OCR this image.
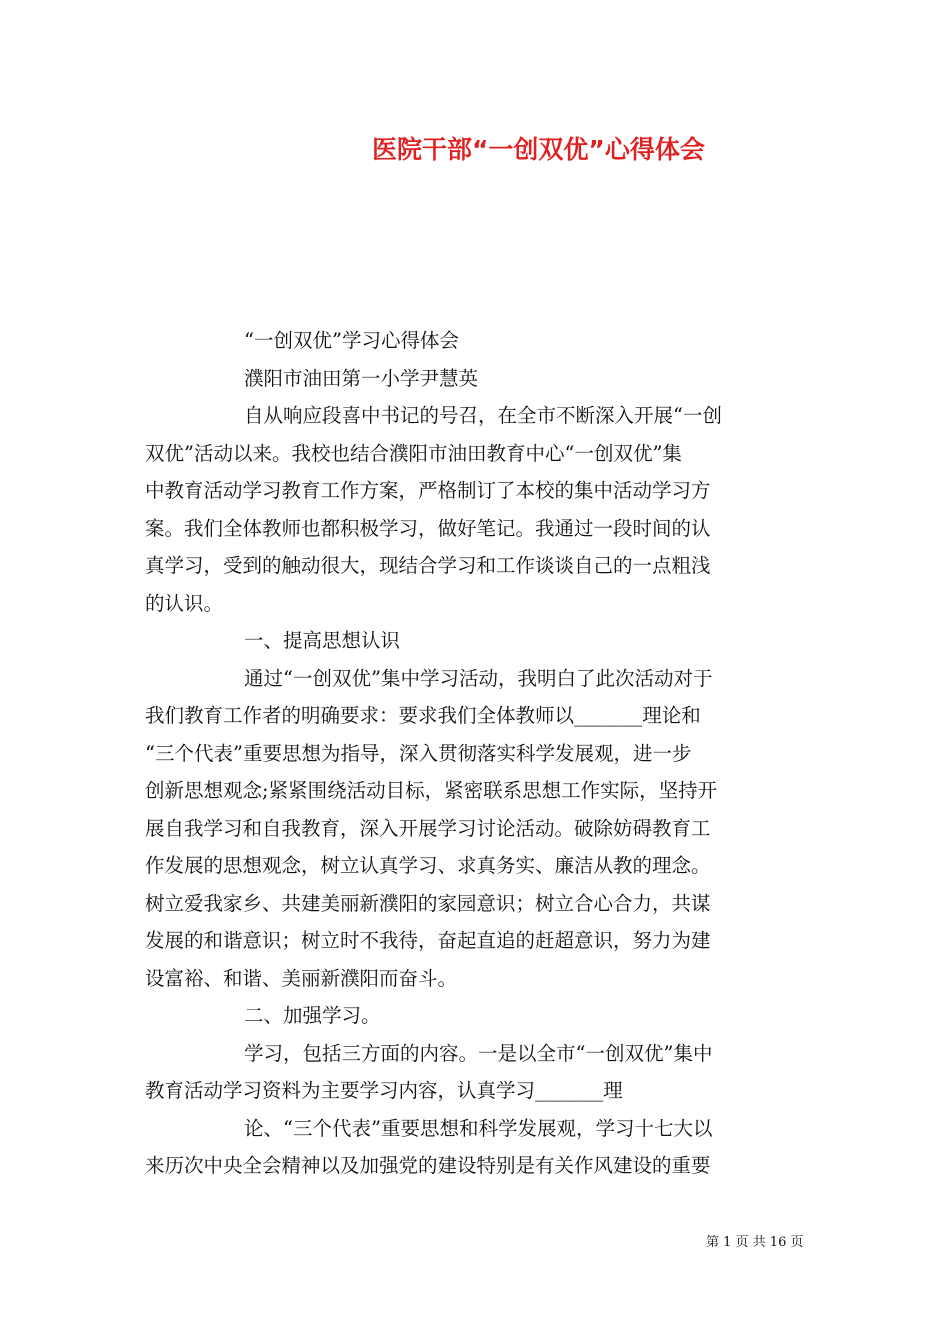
医院干部“一创双优”心得体会
“一创双优”学习心得体会
濮阳市油田第一小学尹慧英
自从响应段喜中书记的号召，在全市不断深入开展“一创
双优”活动以来。我校也结合濮阳市油田教育中心“一创双优”集
中教育活动学习教育工作方案，严格制订了本校的集中活动学习方
案。我们全体教师也都积极学习，做好笔记。我通过一段时间的认
真学习，受到的触动很大，现结合学习和工作谈谈自己的一点粗浅
的认识。
一、提高思想认识
通过“一创双优”集中学习活动，我明白了此次活动对于
我们教育工作者的明确要求：要求我们全体教师以_______理论和
“三个代表”重要思想为指导，深入贯彻落实科学发展观，进一步
创新思想观念;紧紧围绕活动目标，紧密联系思想工作实际，坚持开
展自我学习和自我教育，深入开展学习讨论活动。破除妨碍教育工
作发展的思想观念，树立认真学习、求真务实、廉洁从教的理念。
树立爱我家乡、共建美丽新濮阳的家园意识；树立合心合力，共谋
发展的和谐意识；树立时不我待，奋起直追的赶超意识，努力为建
设富裕、和谐、美丽新濮阳而奋斗。
二、加强学习。
学习，包括三方面的内容。一是以全市“一创双优”集中
教育活动学习资料为主要学习内容，认真学习_______理
论、“三个代表”重要思想和科学发展观，学习十七大以
来历次中央全会精神以及加强党的建设特别是有关作风建设的重要
第 1 页 共 16 页
